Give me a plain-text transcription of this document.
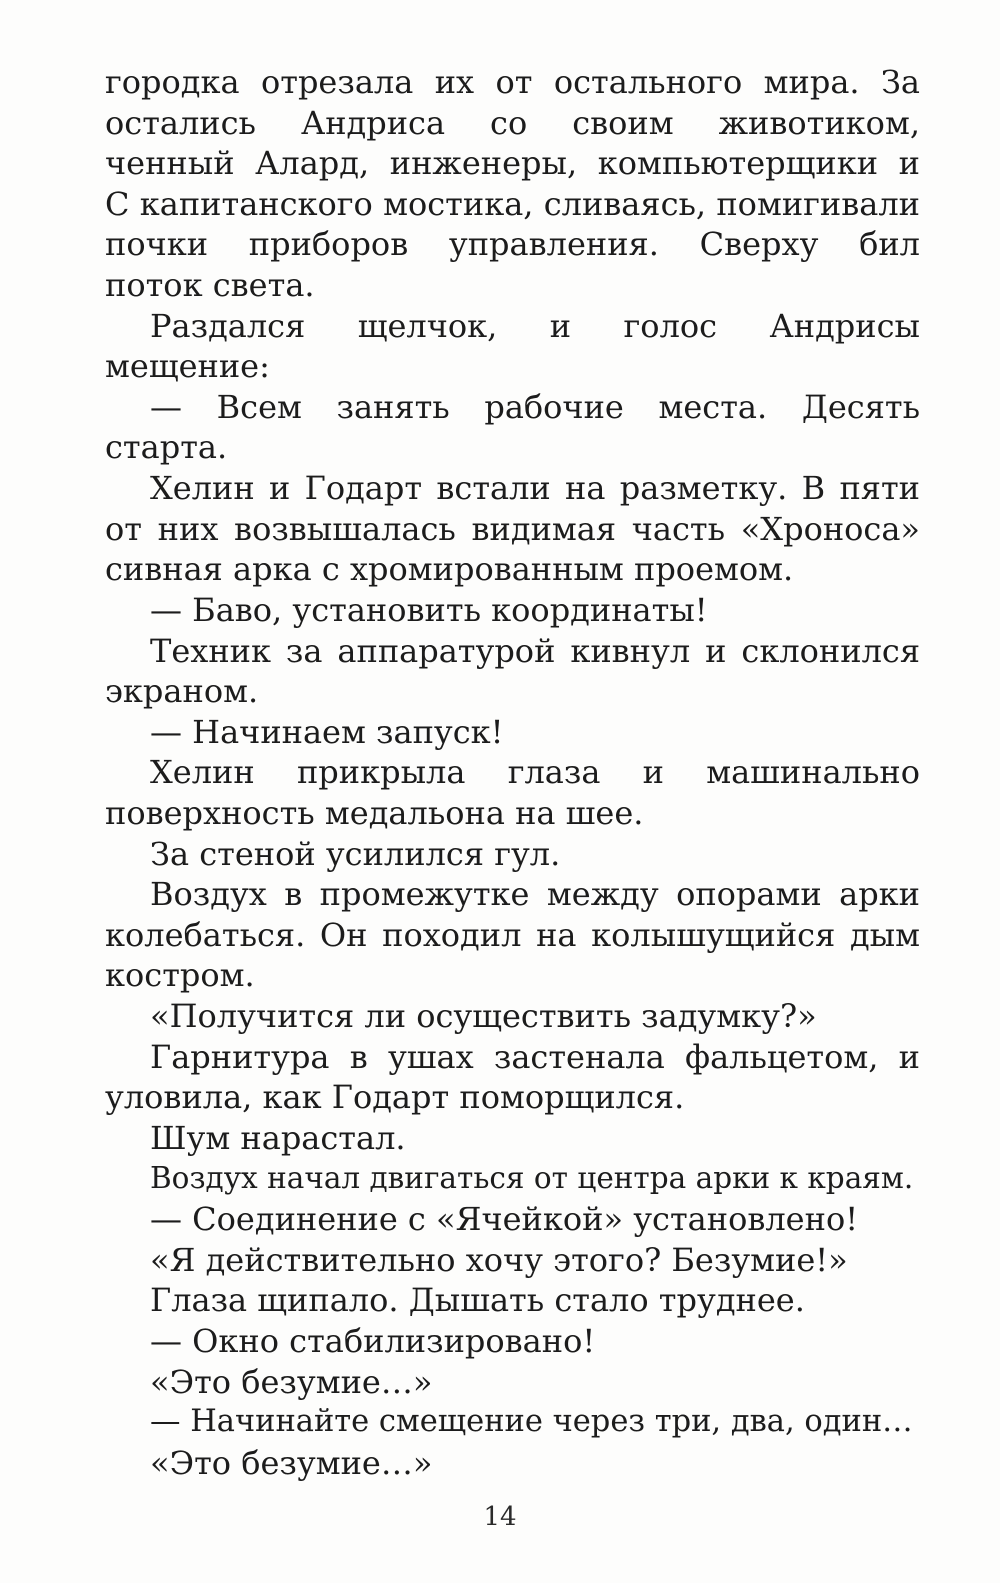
городка отрезала их от остального мира. За
остались Андриса со своим животиком,
ченный Алард, инженеры, компьютерщики и
С капитанского мостика, сливаясь, помигивали
почки приборов управления. Сверху бил
поток света.
Раздался щелчок, и голос Андрисы
мещение:
— Всем занять рабочие места. Десять
старта.
Хелин и Годарт встали на разметку. В пяти
от них возвышалась видимая часть «Хроноса»
сивная арка с хромированным проемом.
— Баво, установить координаты!
Техник за аппаратурой кивнул и склонился
экраном.
— Начинаем запуск!
Хелин прикрыла глаза и машинально
поверхность медальона на шее.
За стеной усилился гул.
Воздух в промежутке между опорами арки
колебаться. Он походил на колышущийся дым
костром.
«Получится ли осуществить задумку?»
Гарнитура в ушах застенала фальцетом, и
уловила, как Годарт поморщился.
Шум нарастал.
Воздух начал двигаться от центра арки к краям.
— Соединение с «Ячейкой» установлено!
«Я действительно хочу этого? Безумие!»
Глаза щипало. Дышать стало труднее.
— Окно стабилизировано!
«Это безумие…»
— Начинайте смещение через три, два, один…
«Это безумие…»
14
